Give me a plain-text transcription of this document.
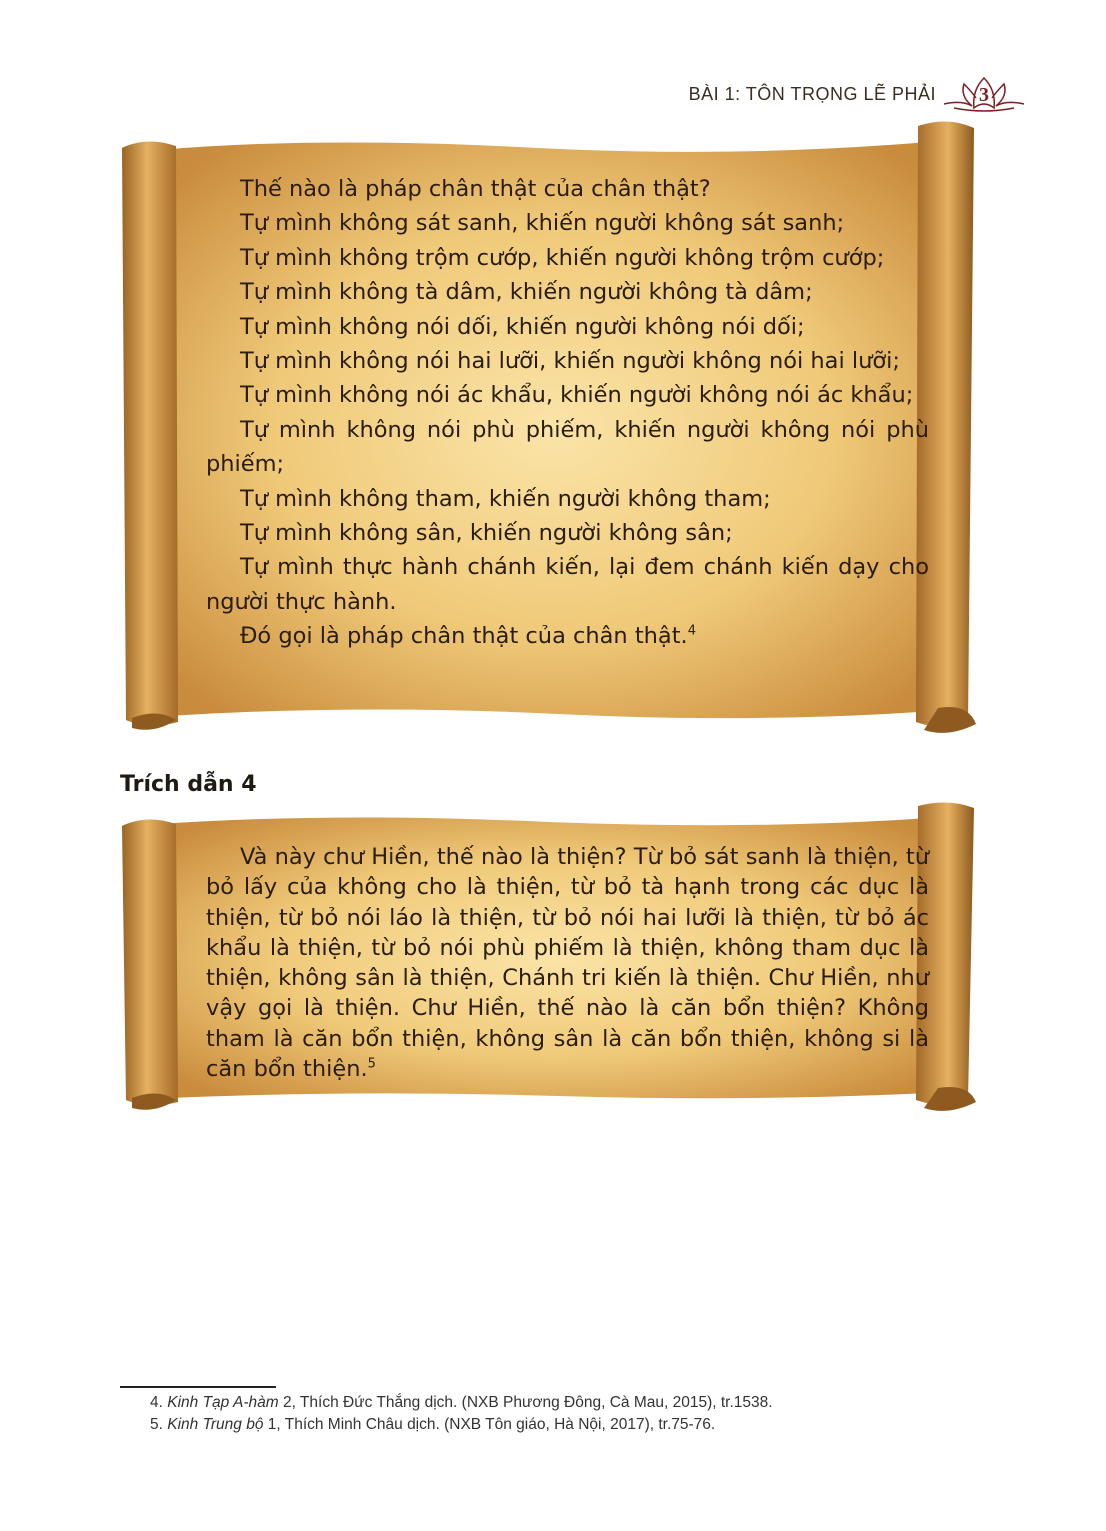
BÀI 1: TÔN TRỌNG LẼ PHẢI 3

Thế nào là pháp chân thật của chân thật?

Tự mình không sát sanh, khiến người không sát sanh;

Tự mình không trộm cướp, khiến người không trộm cướp;

Tự mình không tà dâm, khiến người không tà dâm;

Tự mình không nói dối, khiến người không nói dối;

Tự mình không nói hai lưỡi, khiến người không nói hai lưỡi;

Tự mình không nói ác khẩu, khiến người không nói ác khẩu;

Tự mình không nói phù phiếm, khiến người không nói phù phiếm;

Tự mình không tham, khiến người không tham;

Tự mình không sân, khiến người không sân;

Tự mình thực hành chánh kiến, lại đem chánh kiến dạy cho người thực hành.

Đó gọi là pháp chân thật của chân thật.$^4$

Trích dẫn 4

Và này chư Hiền, thế nào là thiện? Từ bỏ sát sanh là thiện, từ bỏ lấy của không cho là thiện, từ bỏ tà hạnh trong các dục là thiện, từ bỏ nói láo là thiện, từ bỏ nói hai lưỡi là thiện, từ bỏ ác khẩu là thiện, từ bỏ nói phù phiếm là thiện, không tham dục là thiện, không sân là thiện, Chánh tri kiến là thiện. Chư Hiền, như vậy gọi là thiện. Chư Hiền, thế nào là căn bổn thiện? Không tham là căn bổn thiện, không sân là căn bổn thiện, không si là căn bổn thiện.$^5$

4. Kinh Tạp A-hàm 2, Thích Đức Thắng dịch. (NXB Phương Đông, Cà Mau, 2015), tr.1538.
5. Kinh Trung bộ 1, Thích Minh Châu dịch. (NXB Tôn giáo, Hà Nội, 2017), tr.75-76.
